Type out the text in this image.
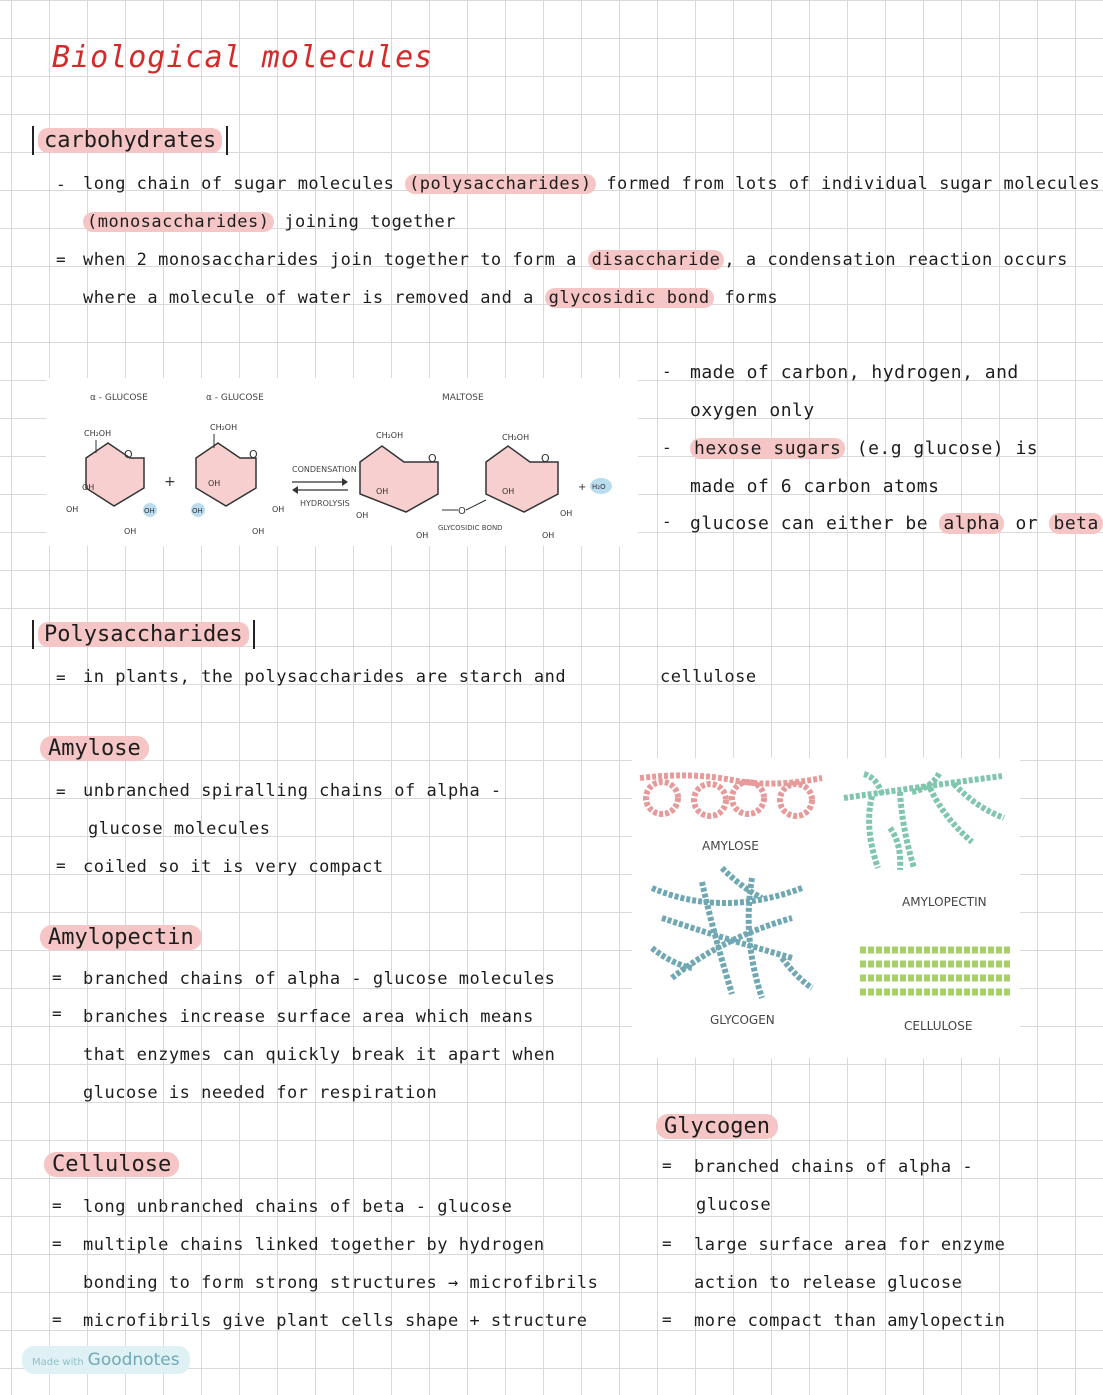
Biological molecules
carbohydrates
- long chain of sugar molecules (polysaccharides) formed from lots of individual sugar molecules
(monosaccharides) joining together
= when 2 monosaccharides join together to form a disaccharide , a condensation reaction occurs
where a molecule of water is removed and a glycosidic bond forms
α - GLUCOSE	α - GLUCOSE	MALTOSE
O
CH₂OH
OH
OH
OH
OH
+
O
CH₂OH
OH
OH
OH
OH
CONDENSATION
HYDROLYSIS
O
CH₂OH
OH
OH
OH
O
GLYCOSIDIC BOND
O
CH₂OH
OH
OH
OH
+ H₂O
- made of carbon, hydrogen, and
oxygen only
- hexose sugars (e.g glucose) is
made of 6 carbon atoms
- glucose can either be alpha or beta
Polysaccharides
= in plants, the polysaccharides are starch and	cellulose
Amylose
= unbranched spiralling chains of alpha -
glucose molecules
= coiled so it is very compact
Amylopectin
= branched chains of alpha - glucose molecules
= branches increase surface area which means
that enzymes can quickly break it apart when
glucose is needed for respiration
Cellulose
= long unbranched chains of beta - glucose
= multiple chains linked together by hydrogen
bonding to form strong structures → microfibrils
= microfibrils give plant cells shape + structure
AMYLOSE
AMYLOPECTIN
GLYCOGEN	CELLULOSE
Glycogen
= branched chains of alpha -
glucose
= large surface area for enzyme
action to release glucose
= more compact than amylopectin
Made with Goodnotes
